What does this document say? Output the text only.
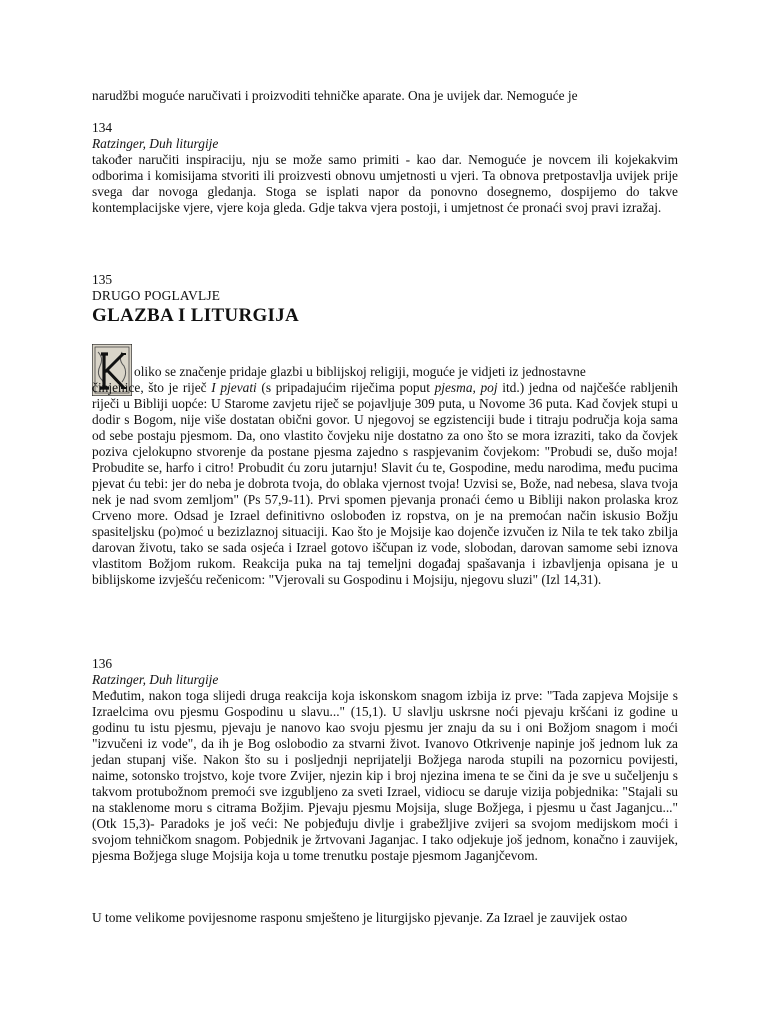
narudžbi moguće naručivati i proizvoditi tehničke aparate. Ona je uvijek dar. Nemoguće je

134

Ratzinger, Duh liturgije

također naručiti inspiraciju, nju se može samo primiti - kao dar. Nemoguće je novcem ili kojekakvim odborima i komisijama stvoriti ili proizvesti obnovu umjetnosti u vjeri. Ta obnova pretpostavlja uvijek prije svega dar novoga gledanja. Stoga se isplati napor da ponovno dosegnemo, dospijemo do takve kontemplacijske vjere, vjere koja gleda. Gdje takva vjera postoji, i umjetnost će pronaći svoj pravi izražaj.

135

DRUGO POGLAVLJE

GLAZBA I LITURGIJA

oliko se značenje pridaje glazbi u biblijskoj religiji, moguće je vidjeti iz jednostavne

činjenice, što je riječ I pjevati (s pripadajućim riječima poput pjesma, poj itd.) jedna od najčešće rabljenih riječi u Bibliji uopće: U Starome zavjetu riječ se pojavljuje 309 puta, u Novome 36 puta. Kad čovjek stupi u dodir s Bogom, nije više dostatan obični govor. U njegovoj se egzistenciji bude i titraju područja koja sama od sebe postaju pjesmom. Da, ono vlastito čovjeku nije dostatno za ono što se mora izraziti, tako da čovjek poziva cjelokupno stvorenje da postane pjesma zajedno s raspjevanim čovjekom: "Probudi se, dušo moja! Probudite se, harfo i citro! Probudit ću zoru jutarnju! Slavit ću te, Gospodine, medu narodima, među pucima pjevat ću tebi: jer do neba je dobrota tvoja, do oblaka vjernost tvoja! Uzvisi se, Bože, nad nebesa, slava tvoja nek je nad svom zemljom" (Ps 57,9-11). Prvi spomen pjevanja pronaći ćemo u Bibliji nakon prolaska kroz Crveno more. Odsad je Izrael definitivno oslobođen iz ropstva, on je na premoćan način iskusio Božju spasiteljsku (po)moć u bezizlaznoj situaciji. Kao što je Mojsije kao dojenče izvučen iz Nila te tek tako zbilja darovan životu, tako se sada osjeća i Izrael gotovo iščupan iz vode, slobodan, darovan samome sebi iznova vlastitom Božjom rukom. Reakcija puka na taj temeljni događaj spašavanja i izbavljenja opisana je u biblijskome izvješću rečenicom: "Vjerovali su Gospodinu i Mojsiju, njegovu sluzi" (Izl 14,31).

136

Ratzinger, Duh liturgije

Međutim, nakon toga slijedi druga reakcija koja iskonskom snagom izbija iz prve: "Tada zapjeva Mojsije s Izraelcima ovu pjesmu Gospodinu u slavu..." (15,1). U slavlju uskrsne noći pjevaju kršćani iz godine u godinu tu istu pjesmu, pjevaju je nanovo kao svoju pjesmu jer znaju da su i oni Božjom snagom i moći "izvučeni iz vode", da ih je Bog oslobodio za stvarni život. Ivanovo Otkrivenje napinje još jednom luk za jedan stupanj više. Nakon što su i posljednji neprijatelji Božjega naroda stupili na pozornicu povijesti, naime, sotonsko trojstvo, koje tvore Zvijer, njezin kip i broj njezina imena te se čini da je sve u sučeljenju s takvom protubožnom premoći sve izgubljeno za sveti Izrael, vidiocu se daruje vizija pobjednika: "Stajali su na staklenome moru s citrama Božjim. Pjevaju pjesmu Mojsija, sluge Božjega, i pjesmu u čast Jaganjcu..." (Otk 15,3)- Paradoks je još veći: Ne pobjeđuju divlje i grabežljive zvijeri sa svojom medijskom moći i svojom tehničkom snagom. Pobjednik je žrtvovani Jaganjac. I tako odjekuje još jednom, konačno i zauvijek, pjesma Božjega sluge Mojsija koja u tome trenutku postaje pjesmom Jaganjčevom.

U tome velikome povijesnome rasponu smješteno je liturgijsko pjevanje. Za Izrael je zauvijek ostao
